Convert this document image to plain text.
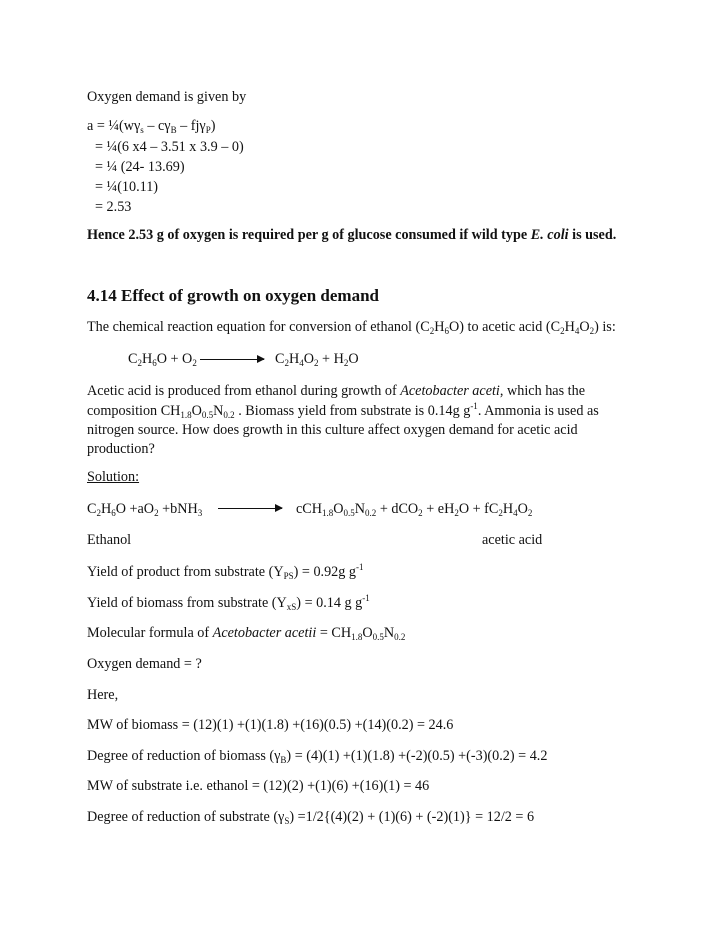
Oxygen demand is given by
$a = \frac{1}{4}(w\gamma_s - c\gamma_B - fj\gamma_P)$
= ¼(6 x4 – 3.51 x 3.9 – 0)
= ¼ (24- 13.69)
= ¼(10.11)
= 2.53
Hence 2.53 g of oxygen is required per g of glucose consumed if wild type E. coli is used.
4.14 Effect of growth on oxygen demand
The chemical reaction equation for conversion of ethanol $(C_2H_6O)$ to acetic acid $(C_2H_4O_2)$ is:
$C_2H_6O + O_2 \to C_2H_4O_2 + H_2O$
Acetic acid is produced from ethanol during growth of Acetobacter aceti, which has the
composition $CH_{1.8}O_{0.5}N_{0.2}$ . Biomass yield from substrate is 0.14g $g^{-1}$. Ammonia is used as
nitrogen source. How does growth in this culture affect oxygen demand for acetic acid
production?
Solution:
$C_2H_6O +aO_2 +bNH_3$	$cCH_{1.8}O_{0.5}N_{0.2} + dCO_2 + eH_2O + fC_2H_4O_2$
Ethanol	acetic acid
Yield of product from substrate $(Y_{PS}) = 0.92g$ $g^{-1}$
Yield of biomass from substrate $(Y_{xS}) = 0.14$ g $g^{-1}$
Molecular formula of Acetobacter acetii = $CH_{1.8}O_{0.5}N_{0.2}$
Oxygen demand = ?
Here,
MW of biomass = (12)(1) +(1)(1.8) +(16)(0.5) +(14)(0.2) = 24.6
Degree of reduction of biomass $(\gamma_B) = (4)(1) +(1)(1.8) +(-2)(0.5) +(-3)(0.2) = 4.2$
MW of substrate i.e. ethanol = (12)(2) +(1)(6) +(16)(1) = 46
Degree of reduction of substrate $(\gamma_S) =1/2\{(4)(2) + (1)(6) + (-2)(1)\} = 12/2 = 6$
